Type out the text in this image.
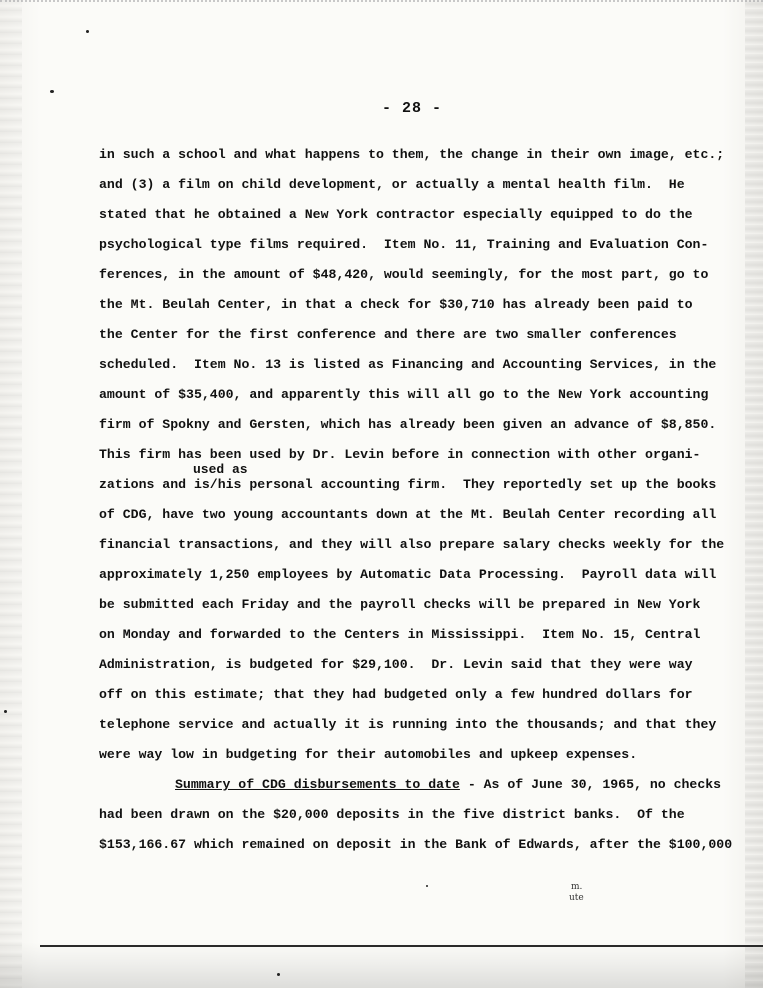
- 28 -
in such a school and what happens to them, the change in their own image, etc.;
and (3) a film on child development, or actually a mental health film.  He
stated that he obtained a New York contractor especially equipped to do the
psychological type films required.  Item No. 11, Training and Evaluation Con-
ferences, in the amount of $48,420, would seemingly, for the most part, go to
the Mt. Beulah Center, in that a check for $30,710 has already been paid to
the Center for the first conference and there are two smaller conferences
scheduled.  Item No. 13 is listed as Financing and Accounting Services, in the
amount of $35,400, and apparently this will all go to the New York accounting
firm of Spokny and Gersten, which has already been given an advance of $8,850.
This firm has been used by Dr. Levin before in connection with other organi-
used as
zations and is/his personal accounting firm.  They reportedly set up the books
of CDG, have two young accountants down at the Mt. Beulah Center recording all
financial transactions, and they will also prepare salary checks weekly for the
approximately 1,250 employees by Automatic Data Processing.  Payroll data will
be submitted each Friday and the payroll checks will be prepared in New York
on Monday and forwarded to the Centers in Mississippi.  Item No. 15, Central
Administration, is budgeted for $29,100.  Dr. Levin said that they were way
off on this estimate; that they had budgeted only a few hundred dollars for
telephone service and actually it is running into the thousands; and that they
were way low in budgeting for their automobiles and upkeep expenses.
Summary of CDG disbursements to date - As of June 30, 1965, no checks
had been drawn on the $20,000 deposits in the five district banks.  Of the
$153,166.67 which remained on deposit in the Bank of Edwards, after the $100,000
m.
ute
